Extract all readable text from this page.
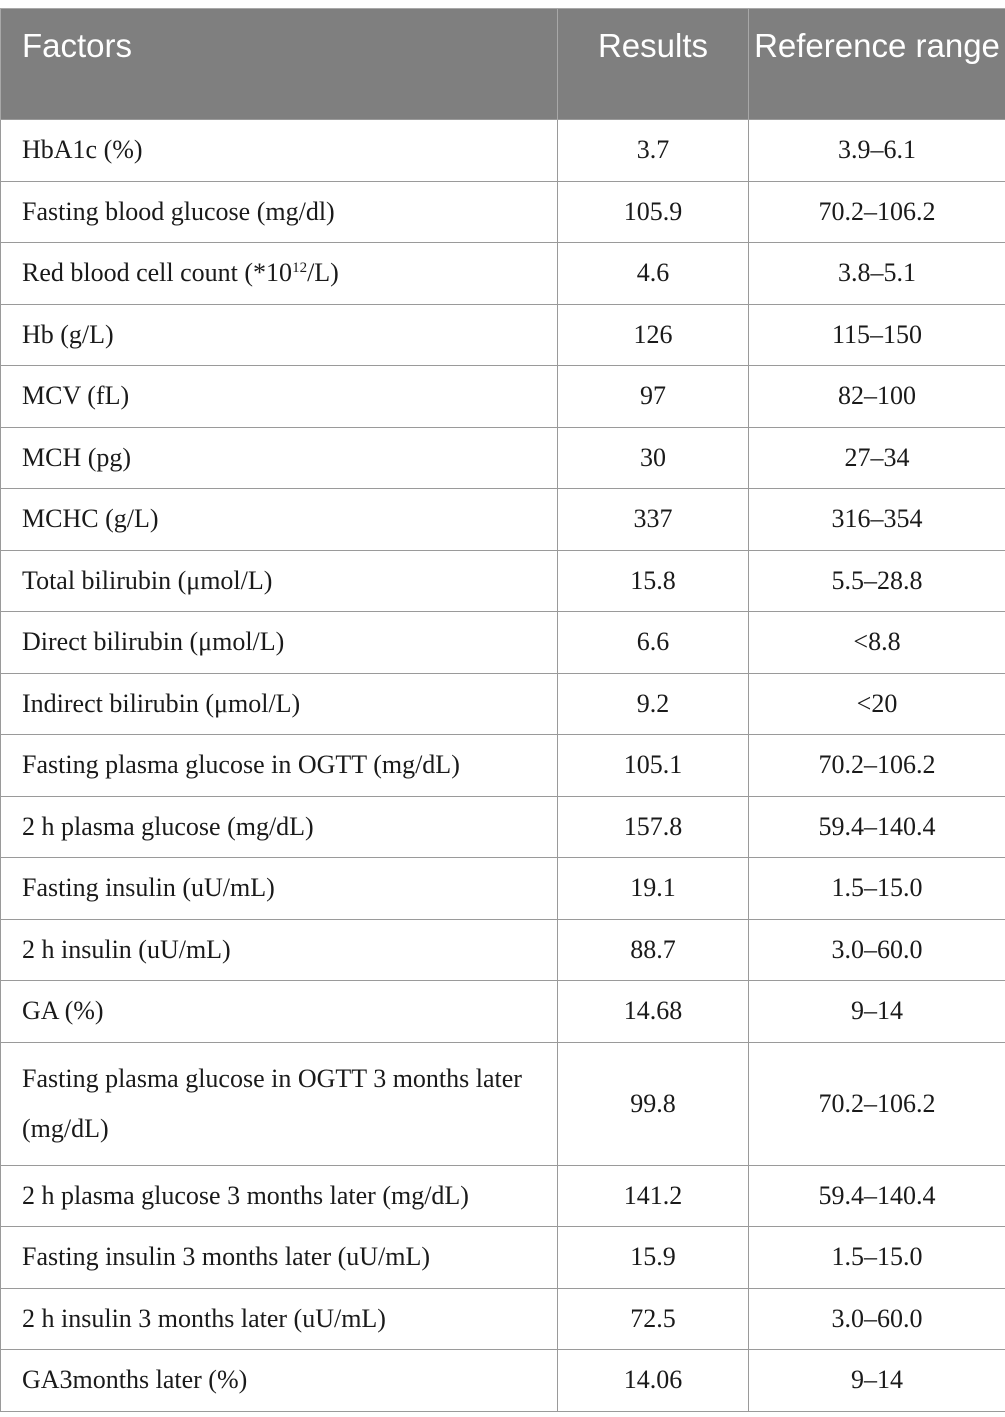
Factors	Results	Reference range
HbA1c (%)	3.7	3.9–6.1
Fasting blood glucose (mg/dl)	105.9	70.2–106.2
Red blood cell count $(*10^{12}/L)$	4.6	3.8–5.1
Hb (g/L)	126	115–150
MCV (fL)	97	82–100
MCH (pg)	30	27–34
MCHC (g/L)	337	316–354
Total bilirubin (μmol/L)	15.8	5.5–28.8
Direct bilirubin (μmol/L)	6.6	<8.8
Indirect bilirubin (μmol/L)	9.2	<20
Fasting plasma glucose in OGTT (mg/dL)	105.1	70.2–106.2
2 h plasma glucose (mg/dL)	157.8	59.4–140.4
Fasting insulin (uU/mL)	19.1	1.5–15.0
2 h insulin (uU/mL)	88.7	3.0–60.0
GA (%)	14.68	9–14
Fasting plasma glucose in OGTT 3 months later (mg/dL)	99.8	70.2–106.2
2 h plasma glucose 3 months later (mg/dL)	141.2	59.4–140.4
Fasting insulin 3 months later (uU/mL)	15.9	1.5–15.0
2 h insulin 3 months later (uU/mL)	72.5	3.0–60.0
GA3months later (%)	14.06	9–14
